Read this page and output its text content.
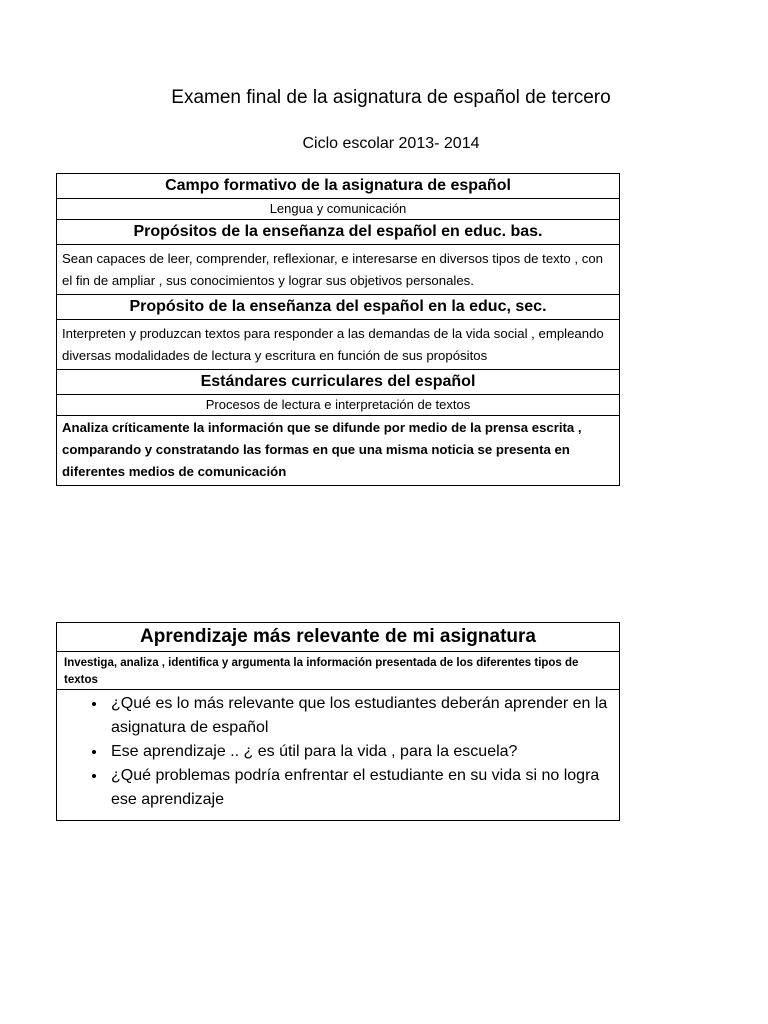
Examen final de la asignatura de español de tercero
Ciclo escolar 2013- 2014
Campo formativo de la asignatura de español
Lengua y comunicación
Propósitos de la enseñanza del español en educ. bas.
Sean capaces de leer, comprender, reflexionar, e interesarse en diversos tipos de texto , con el fin de ampliar , sus conocimientos y lograr sus objetivos personales.
Propósito de la enseñanza del español en la educ, sec.
Interpreten y produzcan textos para responder a las demandas de la vida social , empleando diversas modalidades de lectura y escritura en función de sus propósitos
Estándares curriculares del español
Procesos de lectura e interpretación de textos
Analiza críticamente la información que se difunde por medio de la prensa escrita , comparando y constratando las formas en que una misma noticia se presenta en diferentes medios de comunicación
Aprendizaje más relevante de mi asignatura
Investiga, analiza , identifica y argumenta la información presentada de los diferentes tipos de textos

• ¿Qué es lo más relevante que los estudiantes deberán aprender en la asignatura de español
• Ese aprendizaje .. ¿ es útil para la vida , para la escuela?
• ¿Qué problemas podría enfrentar el estudiante en su vida si no logra ese aprendizaje
